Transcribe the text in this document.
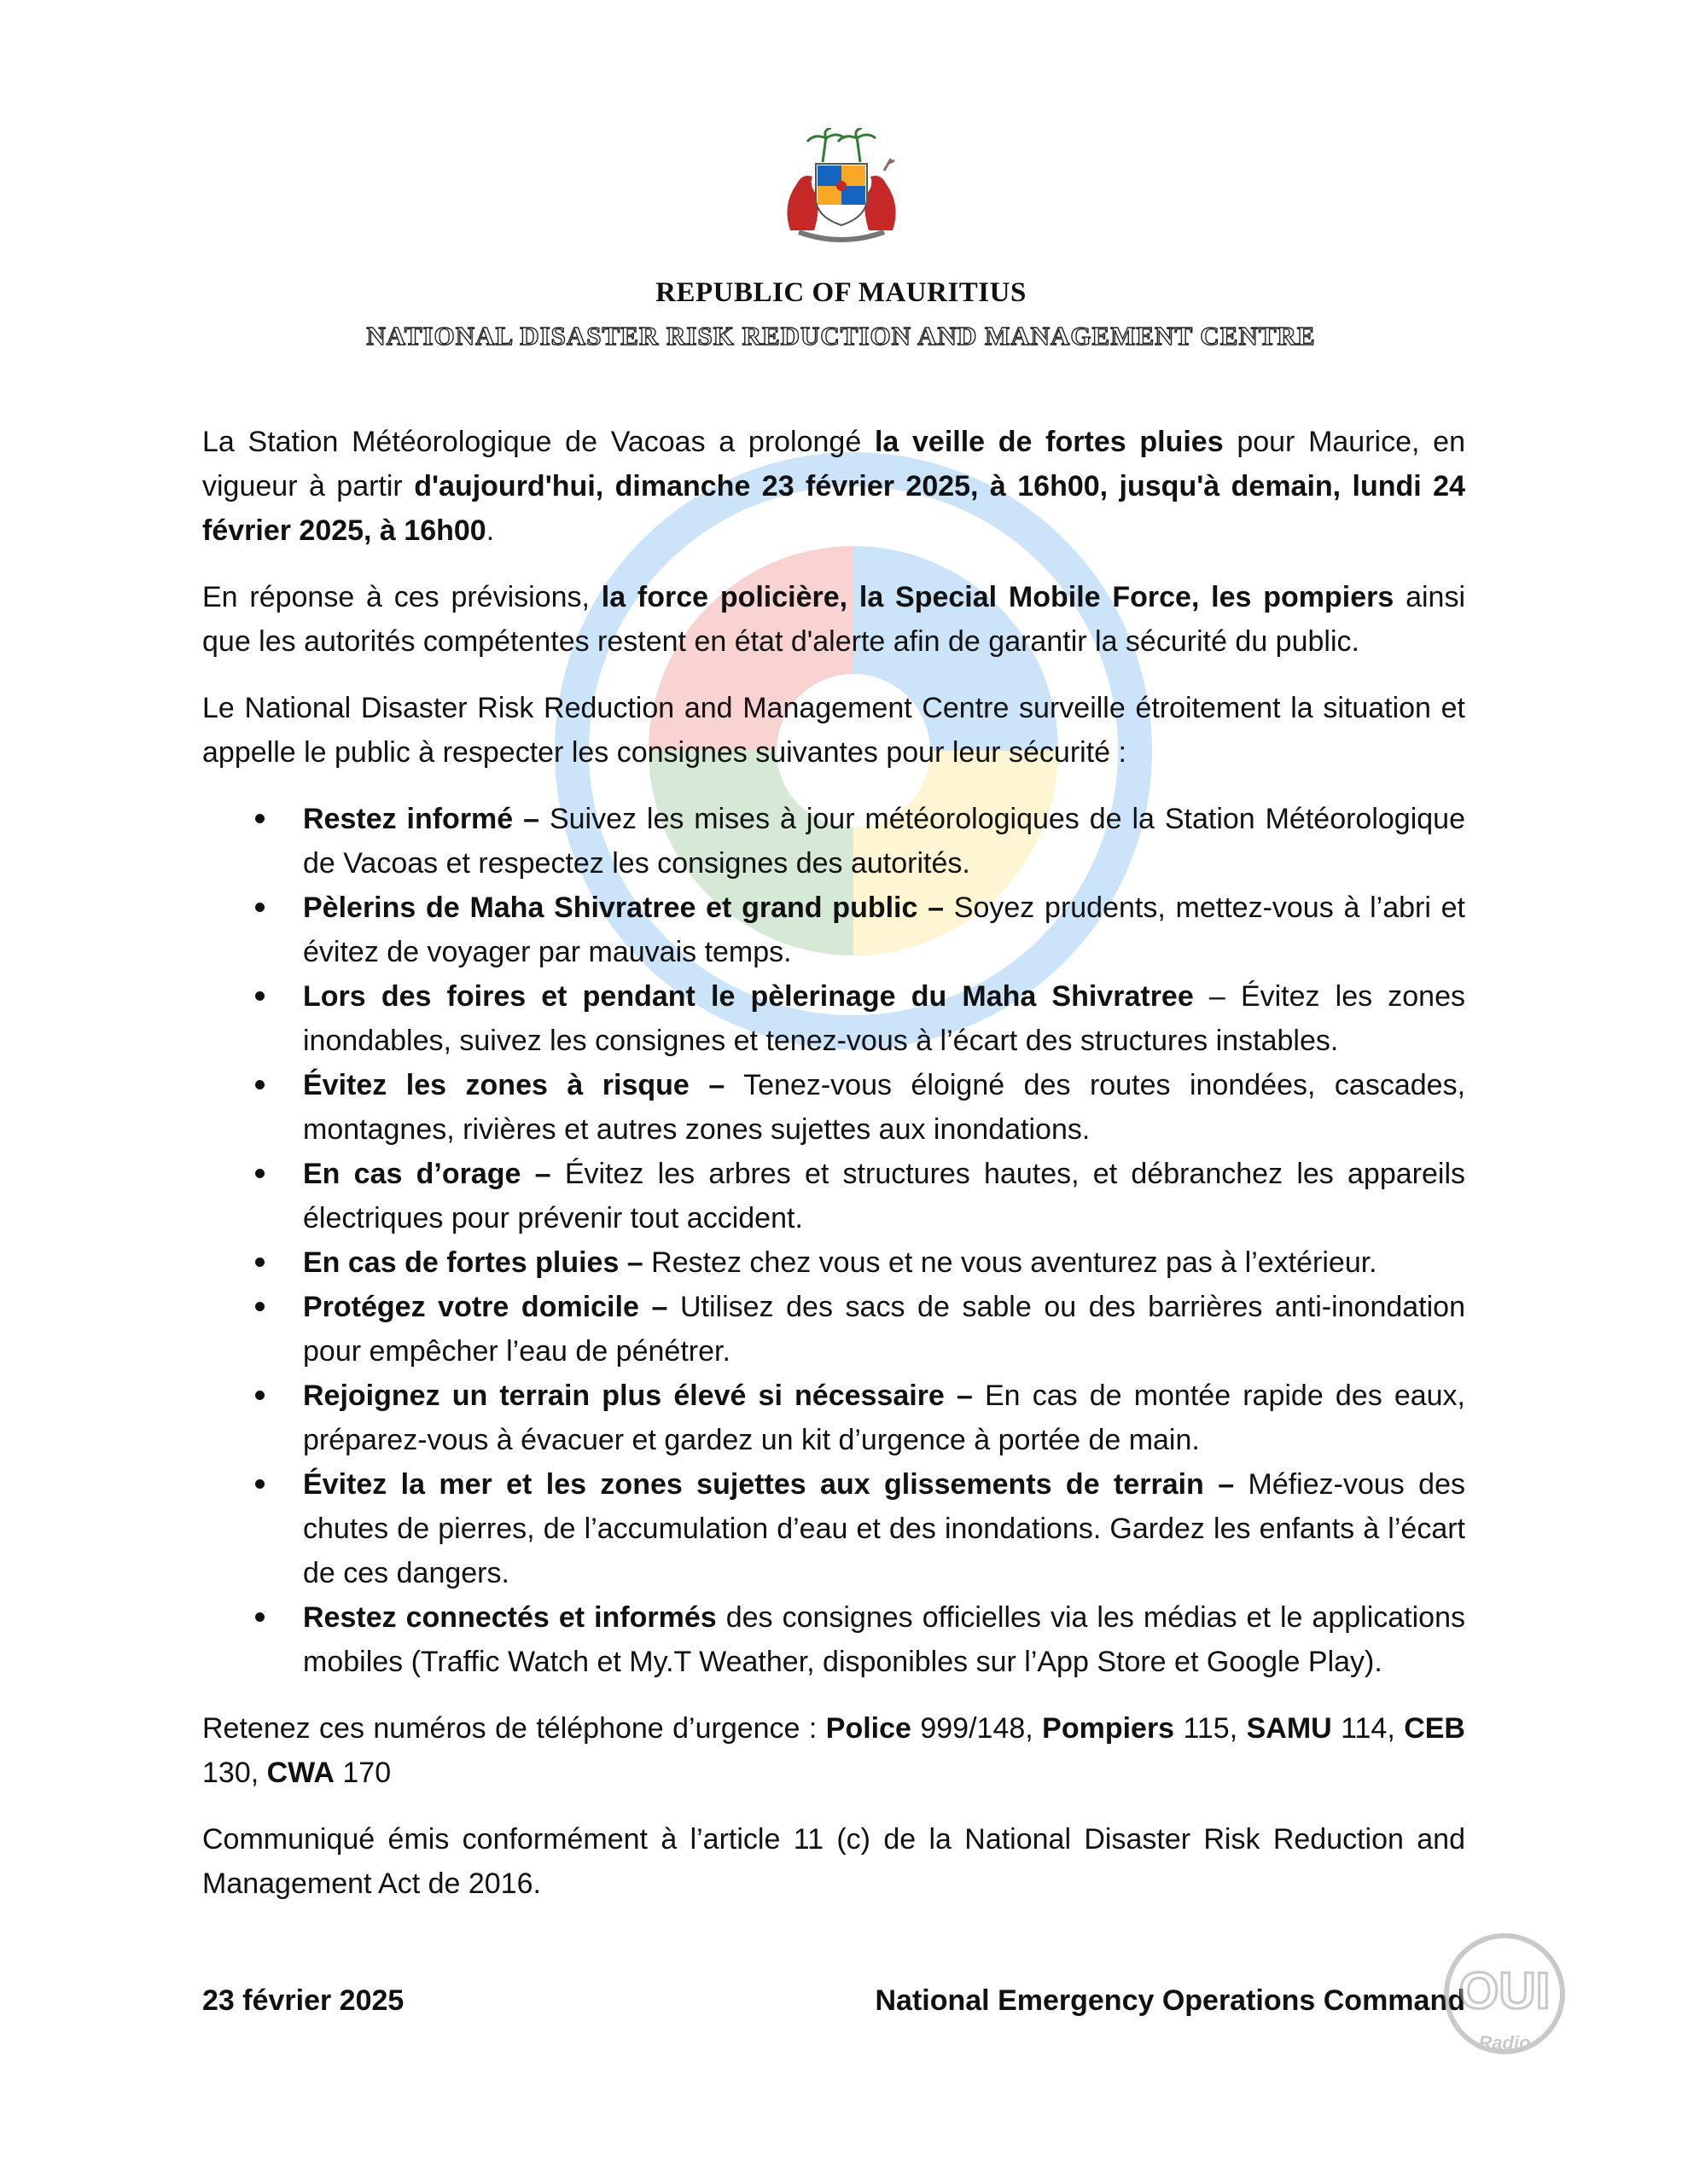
REPUBLIC OF MAURITIUS
NATIONAL DISASTER RISK REDUCTION AND MANAGEMENT CENTRE

La Station Météorologique de Vacoas a prolongé la veille de fortes pluies pour Maurice, en vigueur à partir d'aujourd'hui, dimanche 23 février 2025, à 16h00, jusqu'à demain, lundi 24 février 2025, à 16h00.

En réponse à ces prévisions, la force policière, la Special Mobile Force, les pompiers ainsi que les autorités compétentes restent en état d'alerte afin de garantir la sécurité du public.

Le National Disaster Risk Reduction and Management Centre surveille étroitement la situation et appelle le public à respecter les consignes suivantes pour leur sécurité :

Restez informé – Suivez les mises à jour météorologiques de la Station Météorologique de Vacoas et respectez les consignes des autorités.
Pèlerins de Maha Shivratree et grand public – Soyez prudents, mettez-vous à l’abri et évitez de voyager par mauvais temps.
Lors des foires et pendant le pèlerinage du Maha Shivratree – Évitez les zones inondables, suivez les consignes et tenez-vous à l’écart des structures instables.
Évitez les zones à risque – Tenez-vous éloigné des routes inondées, cascades, montagnes, rivières et autres zones sujettes aux inondations.
En cas d’orage – Évitez les arbres et structures hautes, et débranchez les appareils électriques pour prévenir tout accident.
En cas de fortes pluies – Restez chez vous et ne vous aventurez pas à l’extérieur.
Protégez votre domicile – Utilisez des sacs de sable ou des barrières anti-inondation pour empêcher l’eau de pénétrer.
Rejoignez un terrain plus élevé si nécessaire – En cas de montée rapide des eaux, préparez-vous à évacuer et gardez un kit d’urgence à portée de main.
Évitez la mer et les zones sujettes aux glissements de terrain – Méfiez-vous des chutes de pierres, de l’accumulation d’eau et des inondations. Gardez les enfants à l’écart de ces dangers.
Restez connectés et informés des consignes officielles via les médias et le applications mobiles (Traffic Watch et My.T Weather, disponibles sur l’App Store et Google Play).

Retenez ces numéros de téléphone d’urgence : Police 999/148, Pompiers 115, SAMU 114, CEB 130, CWA 170

Communiqué émis conformément à l’article 11 (c) de la National Disaster Risk Reduction and Management Act de 2016.

23 février 2025	National Emergency Operations Command
OUI
Radio
